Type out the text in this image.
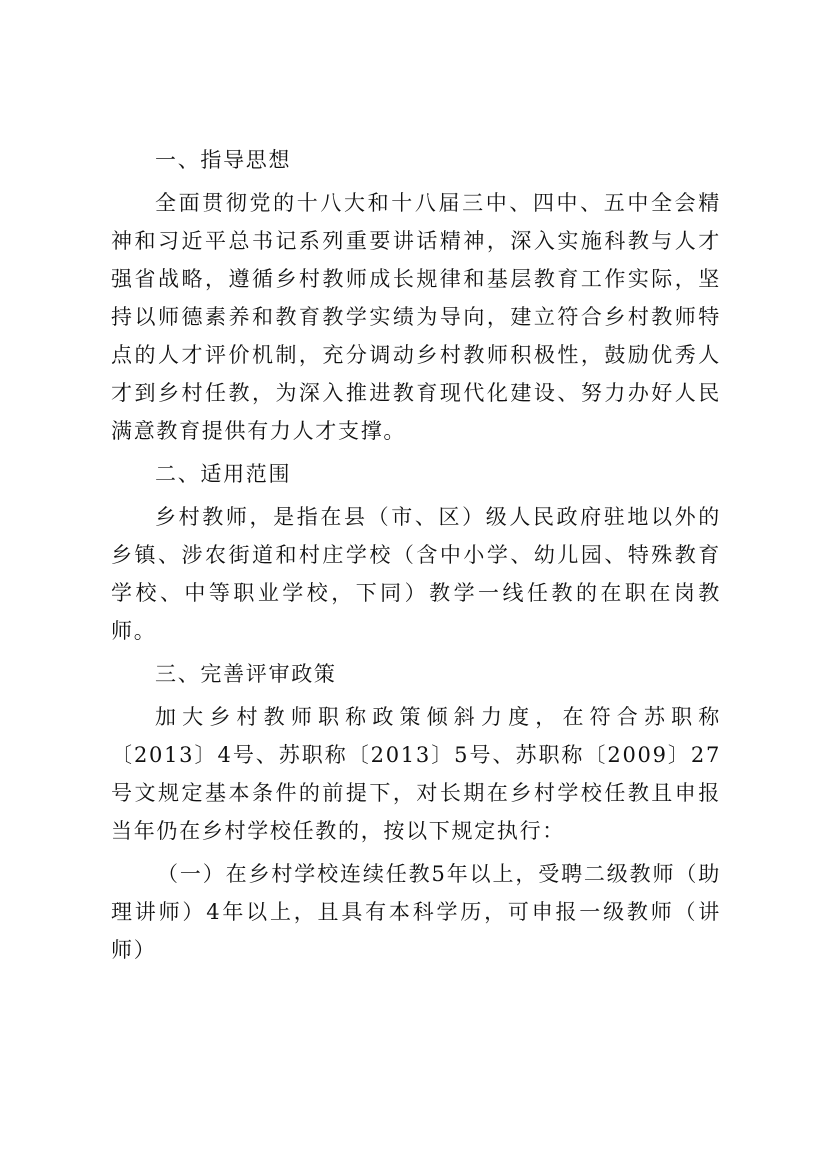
一、指导思想

全面贯彻党的十八大和十八届三中、四中、五中全会精神和习近平总书记系列重要讲话精神，深入实施科教与人才强省战略，遵循乡村教师成长规律和基层教育工作实际，坚持以师德素养和教育教学实绩为导向，建立符合乡村教师特点的人才评价机制，充分调动乡村教师积极性，鼓励优秀人才到乡村任教，为深入推进教育现代化建设、努力办好人民满意教育提供有力人才支撑。

二、适用范围

乡村教师，是指在县（市、区）级人民政府驻地以外的乡镇、涉农街道和村庄学校（含中小学、幼儿园、特殊教育学校、中等职业学校，下同）教学一线任教的在职在岗教师。

三、完善评审政策

加大乡村教师职称政策倾斜力度，在符合苏职称〔2013〕4号、苏职称〔2013〕5号、苏职称〔2009〕27号文规定基本条件的前提下，对长期在乡村学校任教且申报当年仍在乡村学校任教的，按以下规定执行：

（一）在乡村学校连续任教5年以上，受聘二级教师（助理讲师）4年以上，且具有本科学历，可申报一级教师（讲师）
